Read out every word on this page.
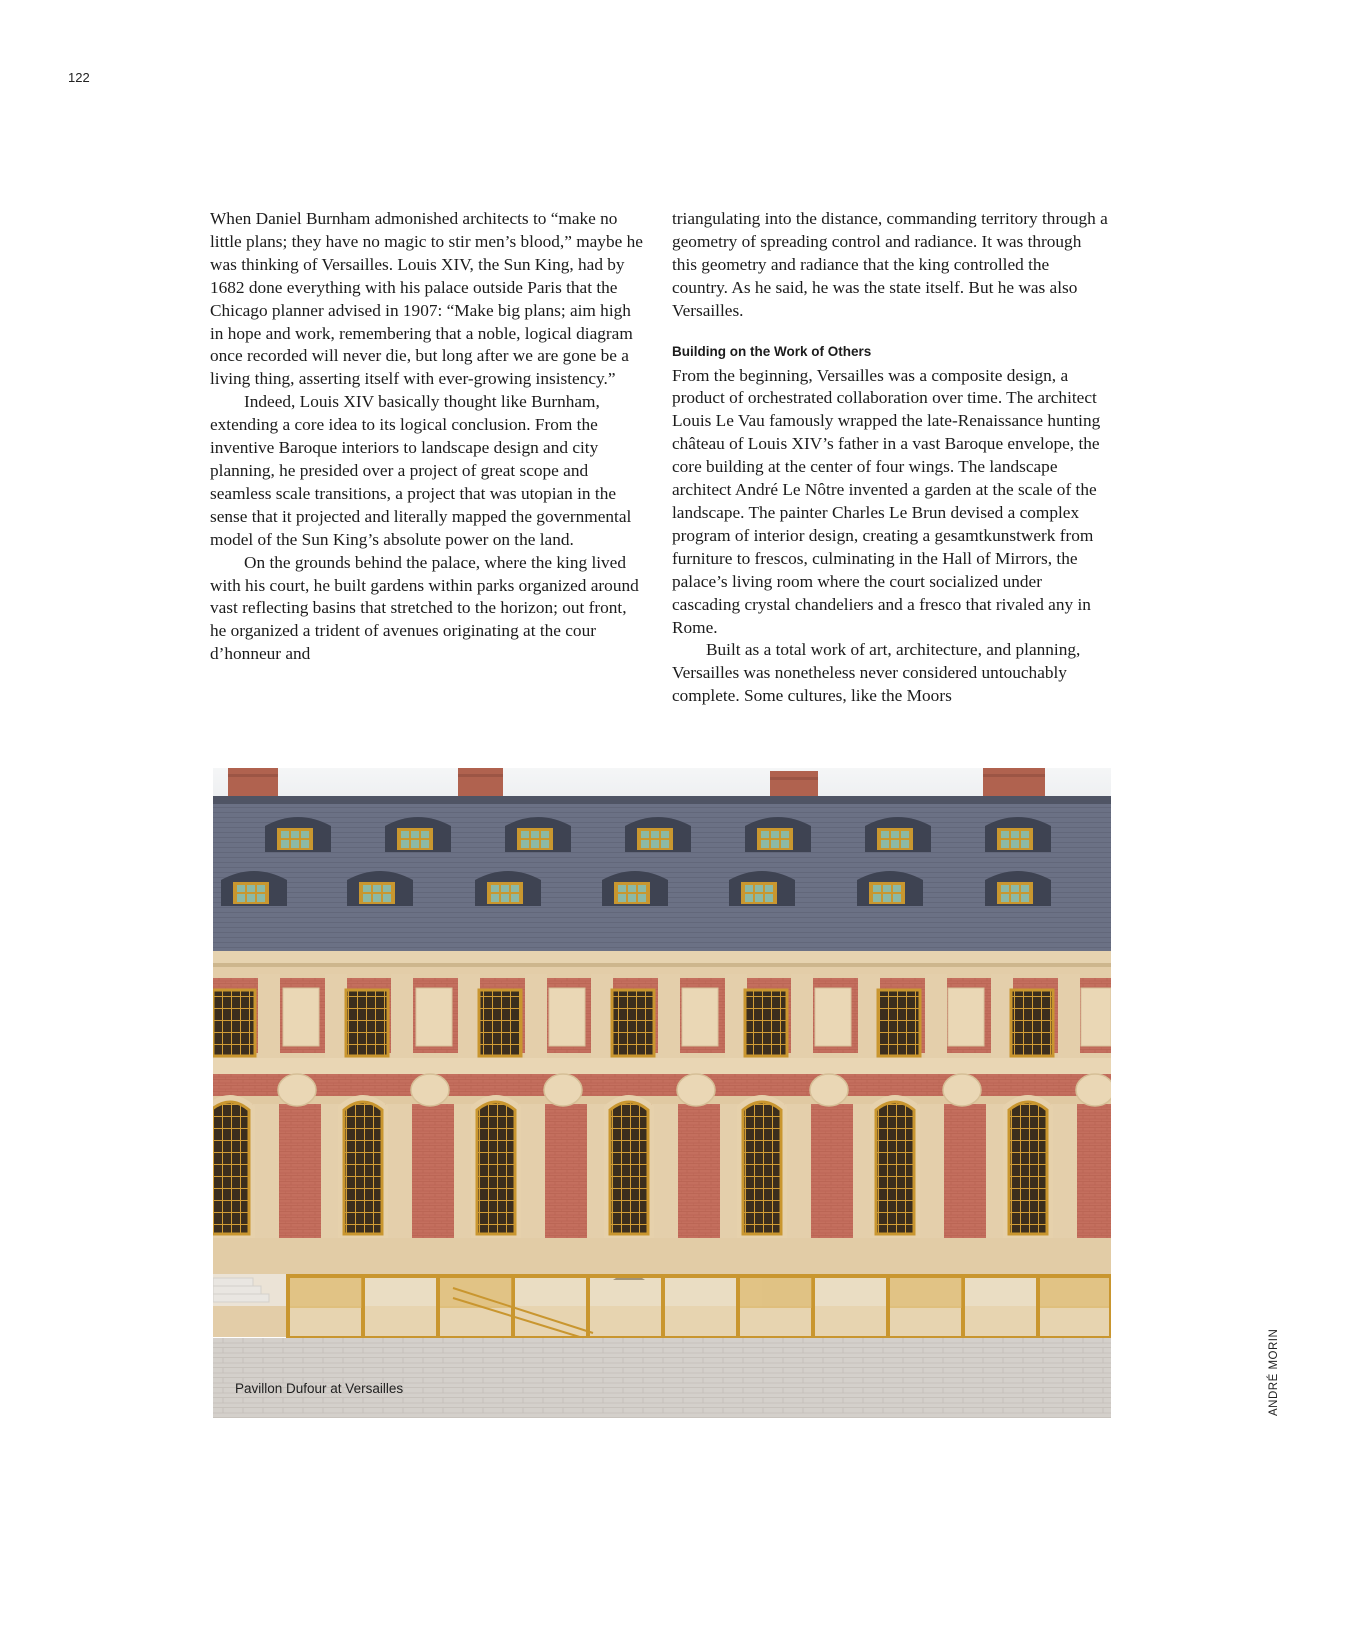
122

When Daniel Burnham admonished architects to “make no little plans; they have no magic to stir men’s blood,” maybe he was thinking of Versailles. Louis XIV, the Sun King, had by 1682 done everything with his palace outside Paris that the Chicago planner advised in 1907: “Make big plans; aim high in hope and work, remembering that a noble, logical diagram once recorded will never die, but long after we are gone be a living thing, asserting itself with ever-growing insistency.”

Indeed, Louis XIV basically thought like Burnham, extending a core idea to its logical conclusion. From the inventive Baroque interiors to landscape design and city planning, he presided over a project of great scope and seamless scale transitions, a project that was utopian in the sense that it projected and literally mapped the governmental model of the Sun King’s absolute power on the land.

On the grounds behind the palace, where the king lived with his court, he built gardens within parks organized around vast reflecting basins that stretched to the horizon; out front, he organized a trident of avenues originating at the cour d’honneur and

triangulating into the distance, commanding territory through a geometry of spreading control and radiance. It was through this geometry and radiance that the king controlled the country. As he said, he was the state itself. But he was also Versailles.

Building on the Work of Others

From the beginning, Versailles was a composite design, a product of orchestrated collaboration over time. The architect Louis Le Vau famously wrapped the late-Renaissance hunting château of Louis XIV’s father in a vast Baroque envelope, the core building at the center of four wings. The landscape architect André Le Nôtre invented a garden at the scale of the landscape. The painter Charles Le Brun devised a complex program of interior design, creating a gesamtkunstwerk from furniture to frescos, culminating in the Hall of Mirrors, the palace’s living room where the court socialized under cascading crystal chandeliers and a fresco that rivaled any in Rome.

Built as a total work of art, architecture, and planning, Versailles was nonetheless never considered untouchably complete. Some cultures, like the Moors

Pavillon Dufour at Versailles	ANDRÉ MORIN
